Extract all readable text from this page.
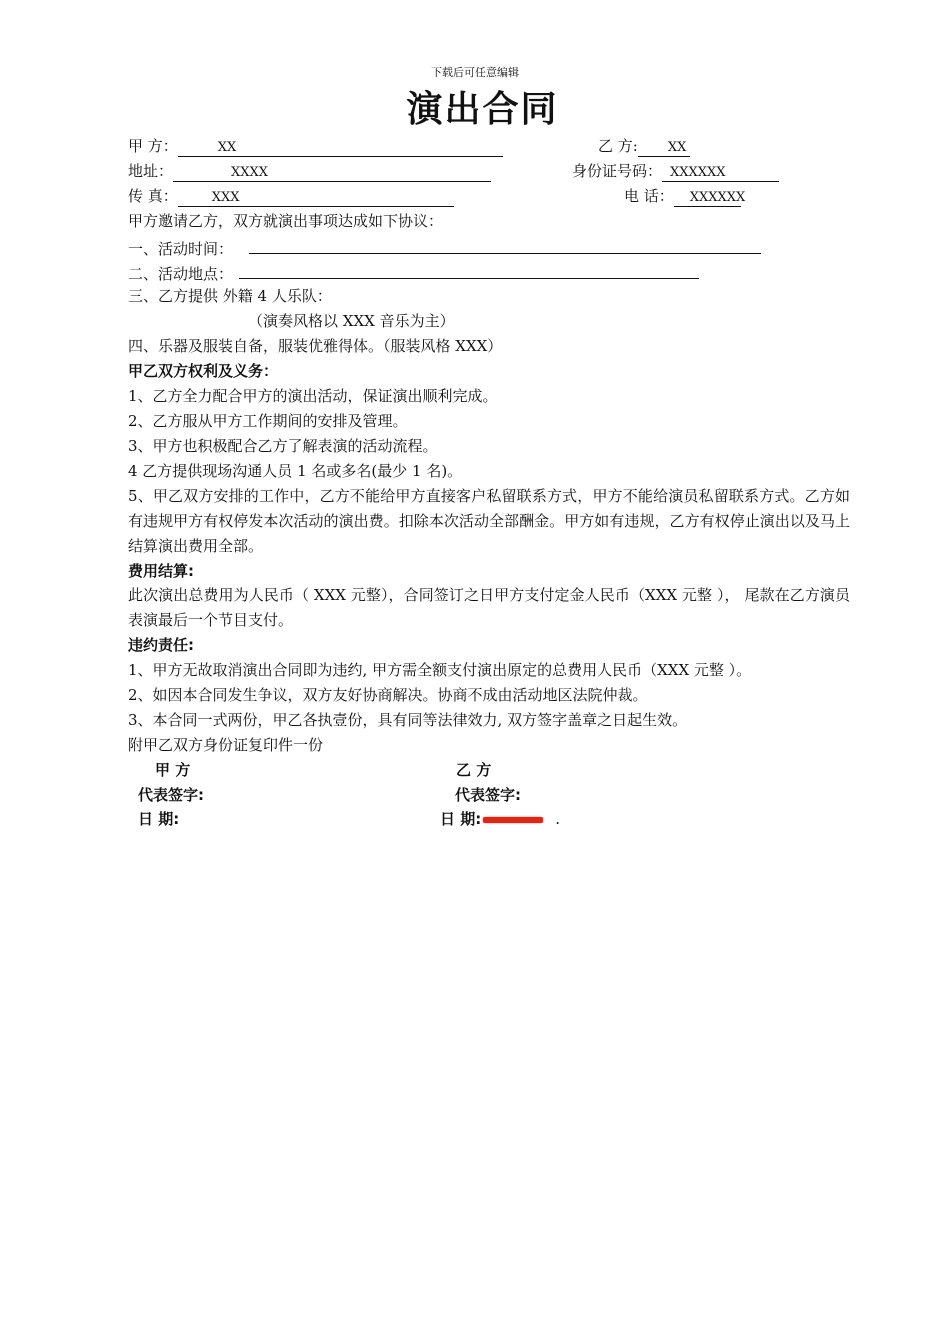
下载后可任意编辑
演出合同
甲 方：	XX	乙 方: XX
地址：	XXXX	身份证号码： XXXXXX
传 真：	XXX	电 话： XXXXXX
甲方邀请乙方，双方就演出事项达成如下协议：
一、活动时间：
二、活动地点：
三、乙方提供 外籍 4 人乐队：
（演奏风格以 XXX 音乐为主）
四、乐器及服装自备，服装优雅得体。（服装风格 XXX）
甲乙双方权利及义务：
1、乙方全力配合甲方的演出活动，保证演出顺利完成。
2、乙方服从甲方工作期间的安排及管理。
3、甲方也积极配合乙方了解表演的活动流程。
4 乙方提供现场沟通人员 1 名或多名(最少 1 名)。
5、甲乙双方安排的工作中，乙方不能给甲方直接客户私留联系方式，甲方不能给演员私留联系方式。乙方如有违规甲方有权停发本次活动的演出费。扣除本次活动全部酬金。甲方如有违规，乙方有权停止演出以及马上结算演出费用全部。
费用结算:
此次演出总费用为人民币（ XXX 元整），合同签订之日甲方支付定金人民币（XXX 元整 ）， 尾款在乙方演员表演最后一个节目支付。
违约责任:
1、甲方无故取消演出合同即为违约, 甲方需全额支付演出原定的总费用人民币（XXX 元整 ）。
2、如因本合同发生争议，双方友好协商解决。协商不成由活动地区法院仲裁。
3、本合同一式两份，甲乙各执壹份，具有同等法律效力, 双方签字盖章之日起生效。
附甲乙双方身份证复印件一份
甲 方	乙 方
代表签字:	代表签字:
日 期:	日 期:	.
